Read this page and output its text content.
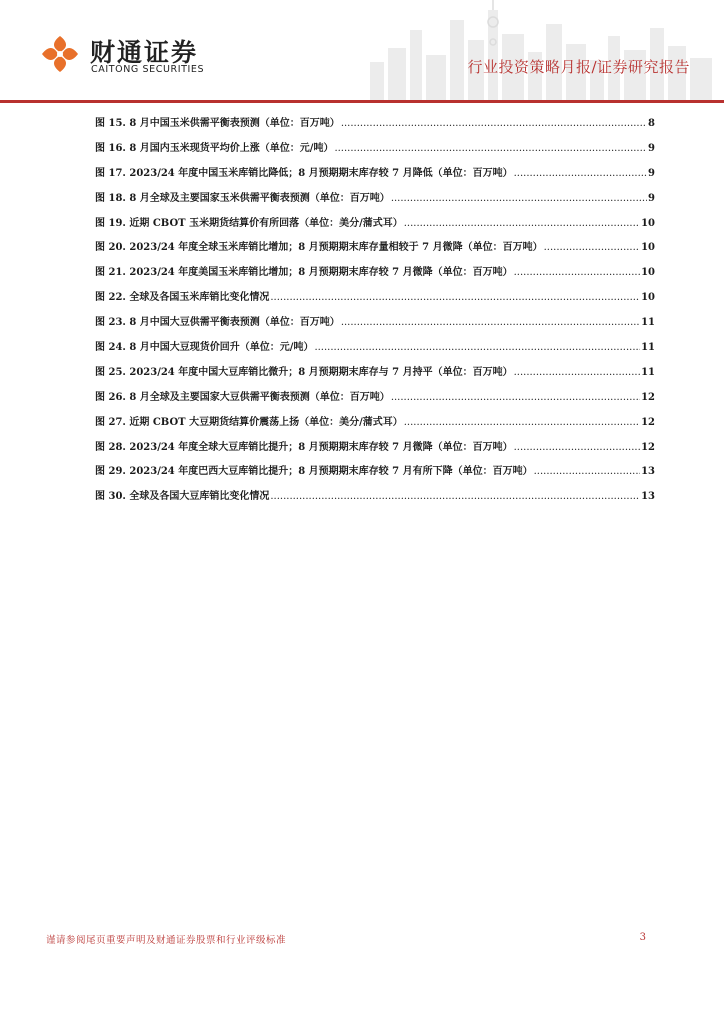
财通证券
CAITONG SECURITIES	行业投资策略月报/证券研究报告
图 15. 8 月中国玉米供需平衡表预测（单位：百万吨） .....	8
图 16. 8 月国内玉米现货平均价上涨（单位：元/吨） .....	9
图 17. 2023/24 年度中国玉米库销比降低；8 月预期期末库存较 7 月降低（单位：百万吨） .....	9
图 18. 8 月全球及主要国家玉米供需平衡表预测（单位：百万吨） .....	9
图 19. 近期 CBOT 玉米期货结算价有所回落（单位：美分/蒲式耳） .....	10
图 20. 2023/24 年度全球玉米库销比增加；8 月预期期末库存量相较于 7 月微降（单位：百万吨） .....	10
图 21. 2023/24 年度美国玉米库销比增加；8 月预期期末库存较 7 月微降（单位：百万吨） .....	10
图 22. 全球及各国玉米库销比变化情况 .....	10
图 23. 8 月中国大豆供需平衡表预测（单位：百万吨） .....	11
图 24. 8 月中国大豆现货价回升（单位：元/吨） .....	11
图 25. 2023/24 年度中国大豆库销比微升；8 月预期期末库存与 7 月持平（单位：百万吨） .....	11
图 26. 8 月全球及主要国家大豆供需平衡表预测（单位：百万吨） .....	12
图 27. 近期 CBOT 大豆期货结算价震荡上扬（单位：美分/蒲式耳） .....	12
图 28. 2023/24 年度全球大豆库销比提升；8 月预期期末库存较 7 月微降（单位：百万吨） .....	12
图 29. 2023/24 年度巴西大豆库销比提升；8 月预期期末库存较 7 月有所下降（单位：百万吨） .....	13
图 30. 全球及各国大豆库销比变化情况 .....	13
谨请参阅尾页重要声明及财通证券股票和行业评级标准	3
